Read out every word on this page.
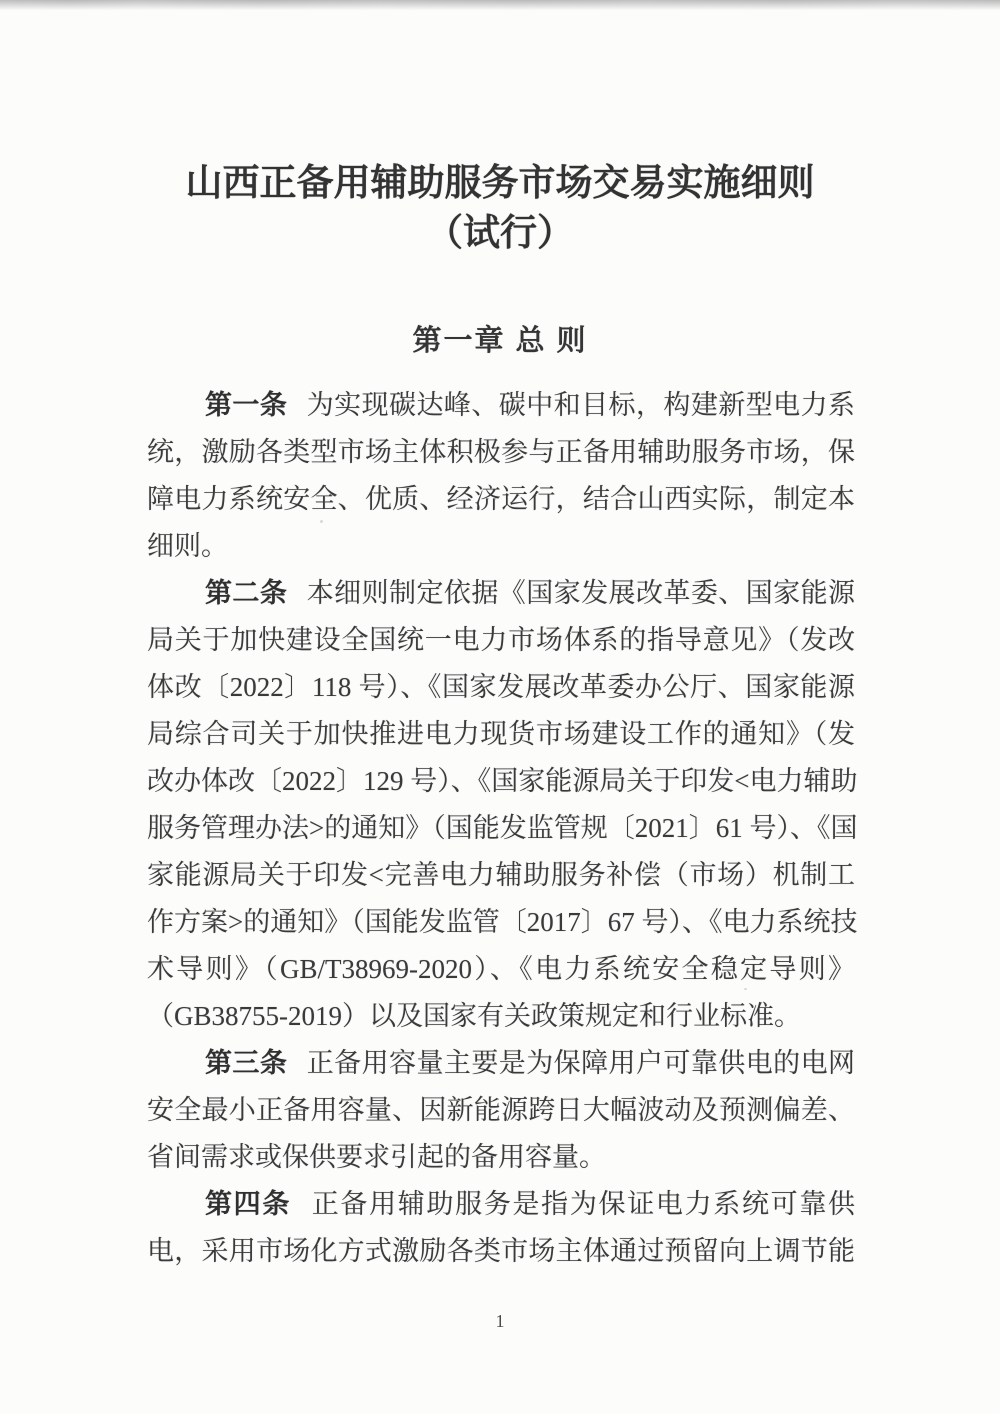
山西正备用辅助服务市场交易实施细则
（试行）
第一章 总 则
第一条 为实现碳达峰、碳中和目标，构建新型电力系
统，激励各类型市场主体积极参与正备用辅助服务市场，保
障电力系统安全、优质、经济运行，结合山西实际，制定本
细则。
第二条 本细则制定依据《国家发展改革委、国家能源
局关于加快建设全国统一电力市场体系的指导意见》（发改
体改〔2022〕118 号）、《国家发展改革委办公厅、国家能源
局综合司关于加快推进电力现货市场建设工作的通知》（发
改办体改〔2022〕129 号）、《国家能源局关于印发<电力辅助
服务管理办法>的通知》（国能发监管规〔2021〕61 号）、《国
家能源局关于印发<完善电力辅助服务补偿（市场）机制工
作方案>的通知》（国能发监管〔2017〕67 号）、《电力系统技
术导则》（GB/T38969-2020）、《电力系统安全稳定导则》
（GB38755-2019）以及国家有关政策规定和行业标准。
第三条 正备用容量主要是为保障用户可靠供电的电网
安全最小正备用容量、因新能源跨日大幅波动及预测偏差、
省间需求或保供要求引起的备用容量。
第四条 正备用辅助服务是指为保证电力系统可靠供
电，采用市场化方式激励各类市场主体通过预留向上调节能
1
